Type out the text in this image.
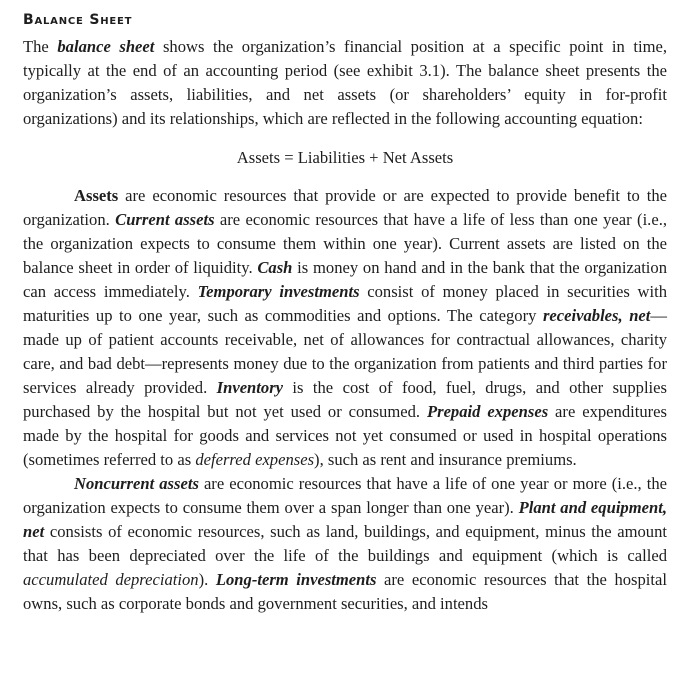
Balance Sheet

The balance sheet shows the organization’s financial position at a specific point in time, typically at the end of an accounting period (see exhibit 3.1). The balance sheet presents the organization’s assets, liabilities, and net assets (or shareholders’ equity in for-profit organizations) and its relationships, which are reflected in the following accounting equation:

Assets = Liabilities + Net Assets

Assets are economic resources that provide or are expected to provide benefit to the organization. Current assets are economic resources that have a life of less than one year (i.e., the organization expects to consume them within one year). Current assets are listed on the balance sheet in order of liquidity. Cash is money on hand and in the bank that the organization can access immediately. Temporary investments consist of money placed in securities with maturities up to one year, such as commodities and options. The category receivables, net—made up of patient accounts receivable, net of allowances for contractual allowances, charity care, and bad debt—represents money due to the organization from patients and third parties for services already provided. Inventory is the cost of food, fuel, drugs, and other supplies purchased by the hospital but not yet used or consumed. Prepaid expenses are expenditures made by the hospital for goods and services not yet consumed or used in hospital operations (sometimes referred to as deferred expenses), such as rent and insurance premiums.

Noncurrent assets are economic resources that have a life of one year or more (i.e., the organization expects to consume them over a span longer than one year). Plant and equipment, net consists of economic resources, such as land, buildings, and equipment, minus the amount that has been depreciated over the life of the buildings and equipment (which is called accumulated depreciation). Long-term investments are economic resources that the hospital owns, such as corporate bonds and government securities, and intends
